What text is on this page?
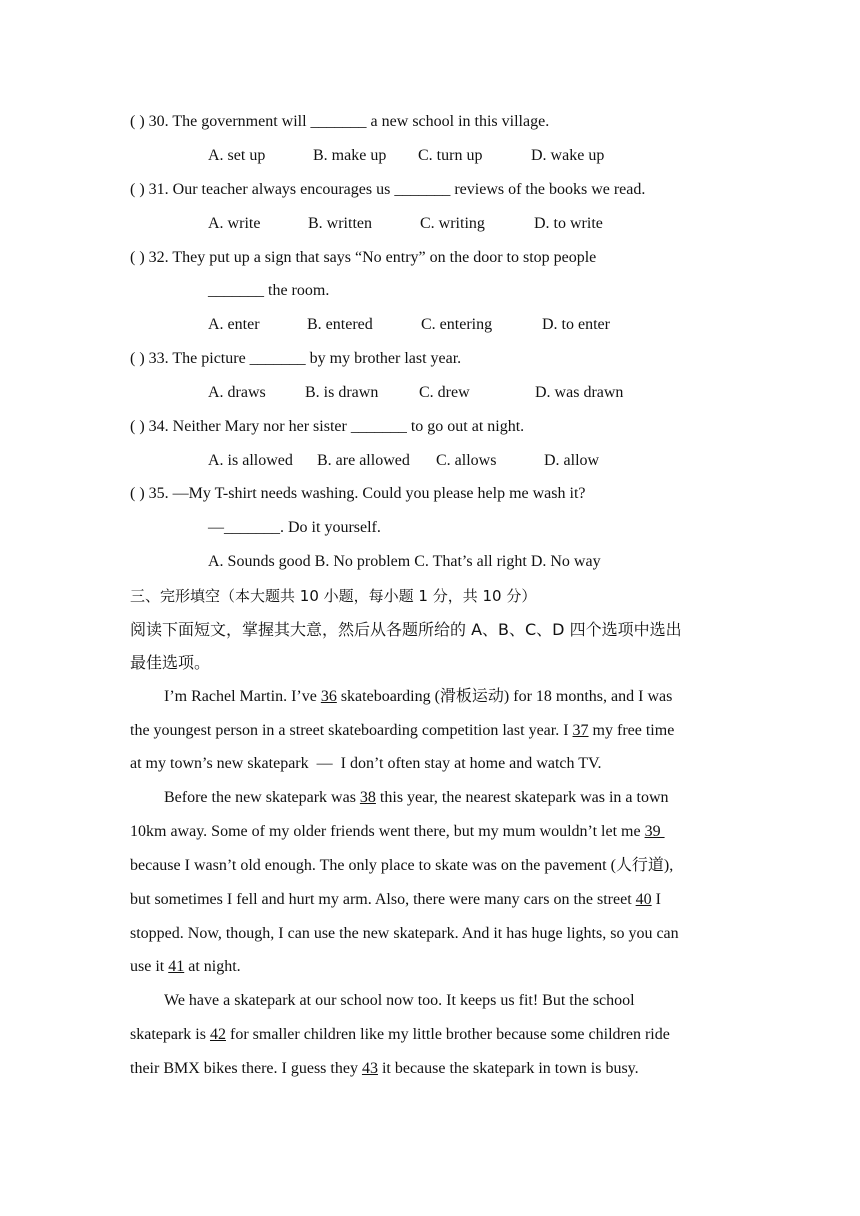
( ) 30. The government will _______ a new school in this village.
A. set up	B. make up C. turn up	D. wake up
( ) 31. Our teacher always encourages us _______ reviews of the books we read.
A. write	B. written	C. writing	D. to write
( ) 32. They put up a sign that says “No entry” on the door to stop people
_______ the room.
A. enter	B. entered	C. entering	D. to enter
( ) 33. The picture _______ by my brother last year.
A. draws B. is drawn	C. drew	D. was drawn
( ) 34. Neither Mary nor her sister _______ to go out at night.
A. is allowed B. are allowed C. allows	D. allow
( ) 35. —My T-shirt needs washing. Could you please help me wash it?
—_______. Do it yourself.
A. Sounds good B. No problem C. That’s all right D. No way
三、完形填空（本大题共 10 小题，每小题 1 分，共 10 分）
阅读下面短文，掌握其大意，然后从各题所给的 A、B、C、D 四个选项中选出
最佳选项。
I’m Rachel Martin. I’ve 36 skateboarding (滑板运动) for 18 months, and I was
the youngest person in a street skateboarding competition last year. I 37 my free time
at my town’s new skatepark  —  I don’t often stay at home and watch TV.
Before the new skatepark was 38 this year, the nearest skatepark was in a town
10km away. Some of my older friends went there, but my mum wouldn’t let me 39
because I wasn’t old enough. The only place to skate was on the pavement (人行道),
but sometimes I fell and hurt my arm. Also, there were many cars on the street 40 I
stopped. Now, though, I can use the new skatepark. And it has huge lights, so you can
use it 41 at night.
We have a skatepark at our school now too. It keeps us fit! But the school
skatepark is 42 for smaller children like my little brother because some children ride
their BMX bikes there. I guess they 43 it because the skatepark in town is busy.
